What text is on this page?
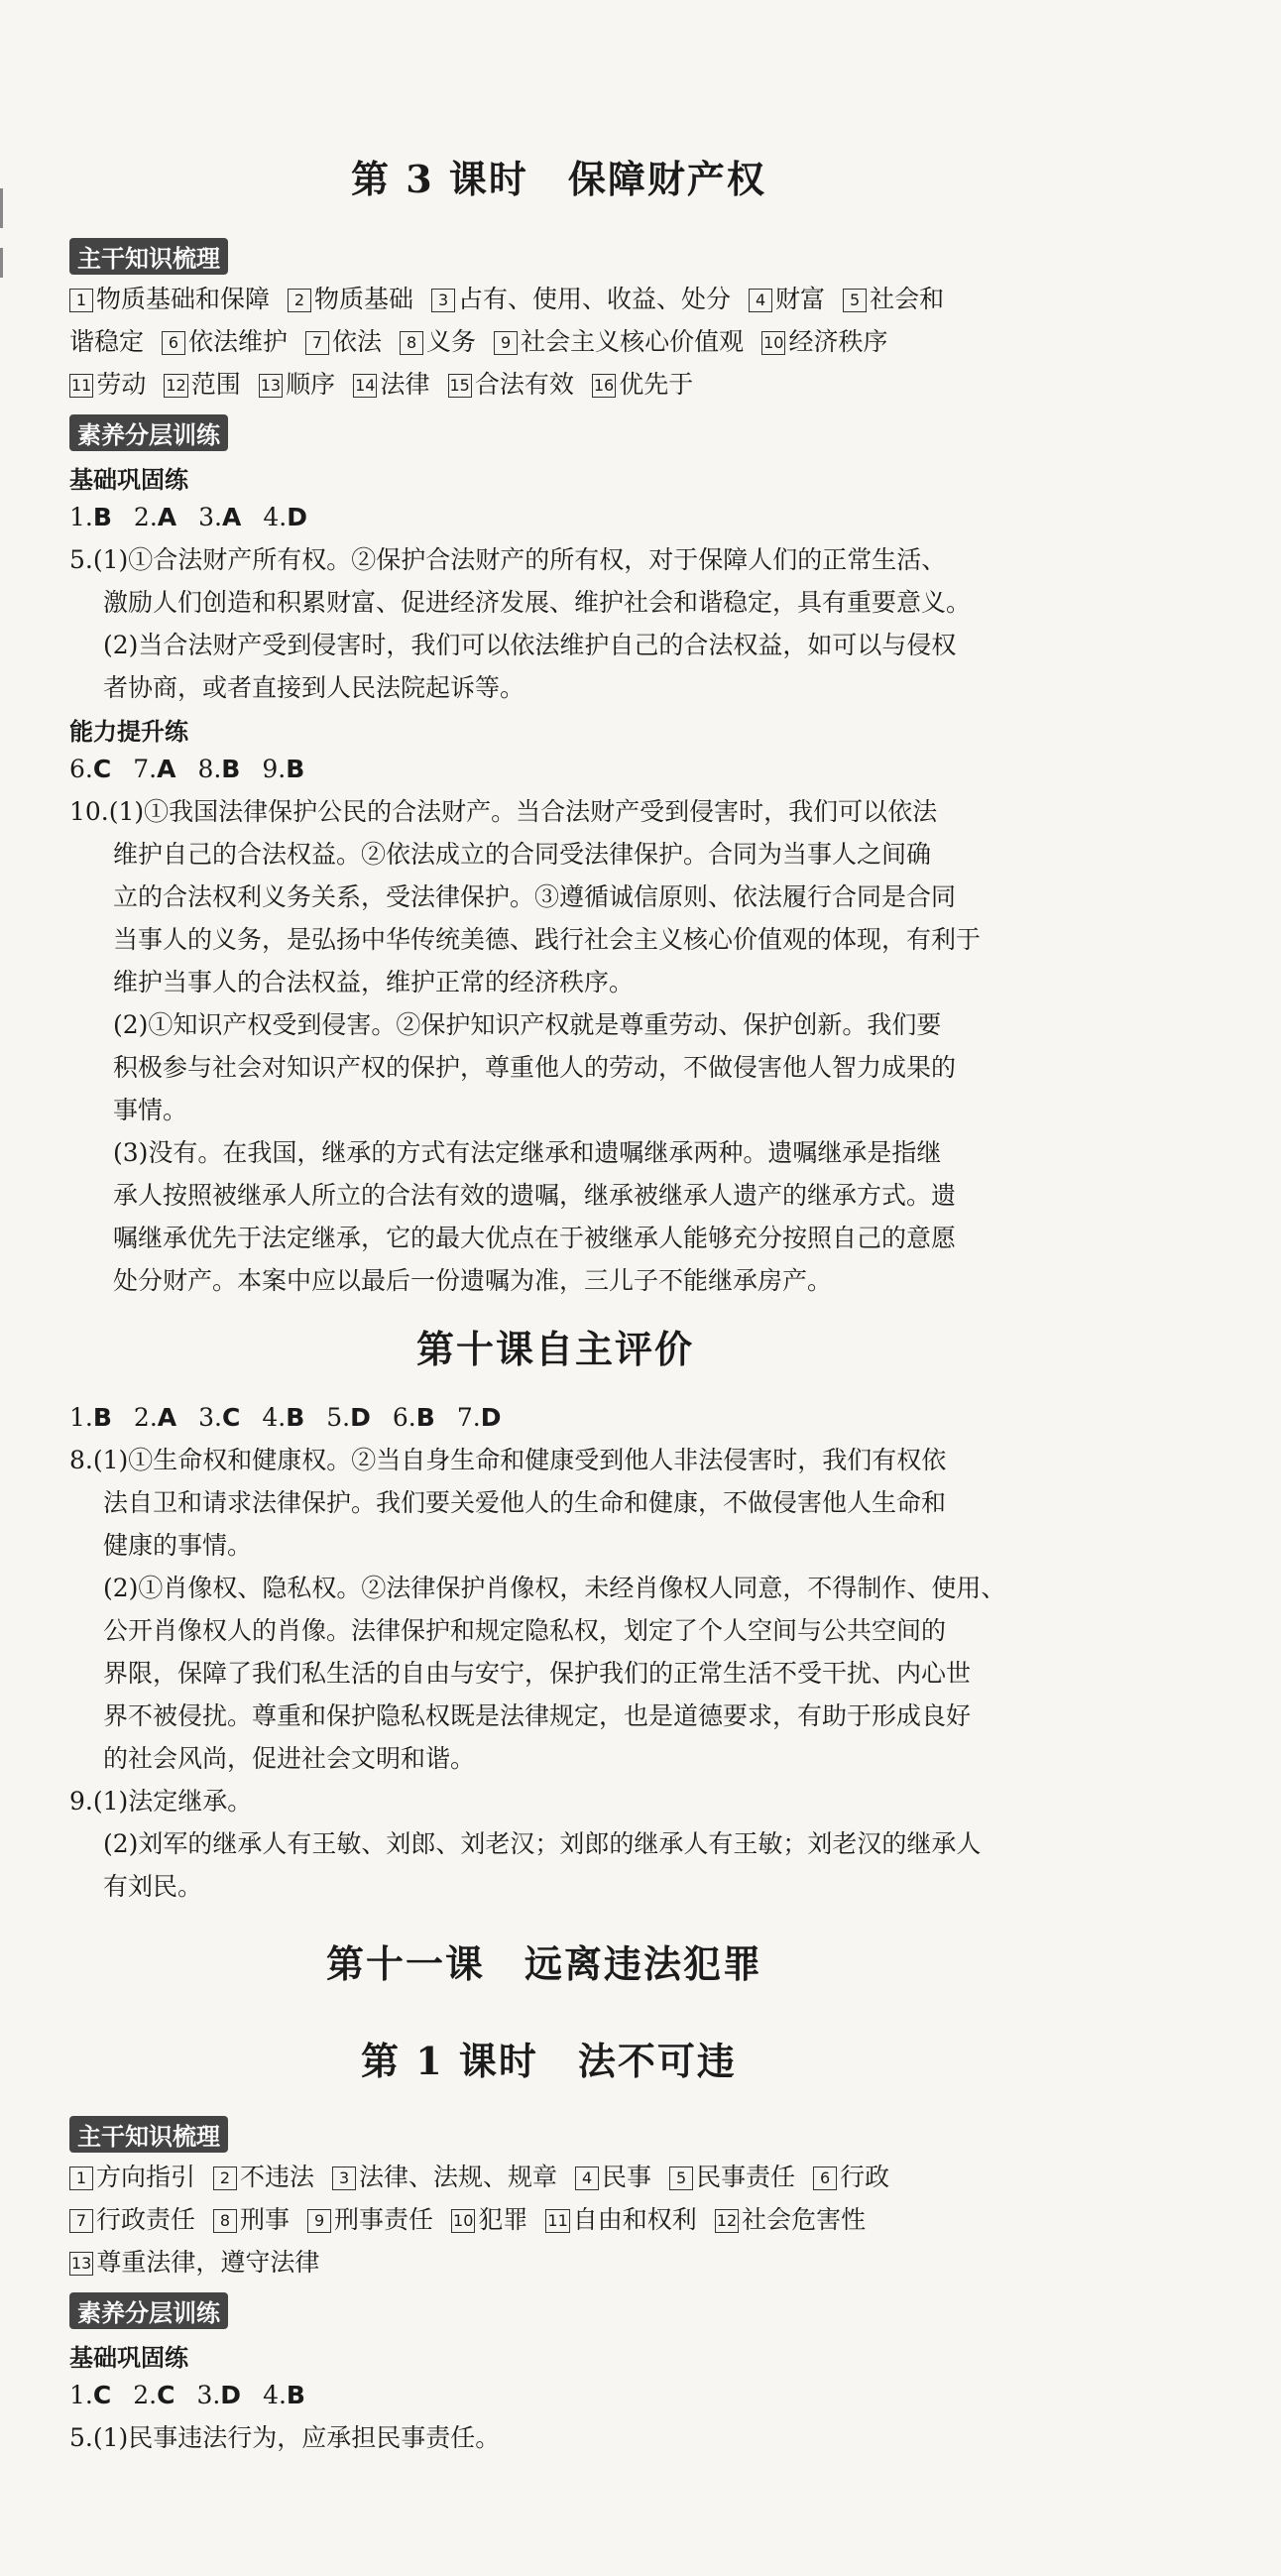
第 3 课时　保障财产权
主干知识梳理
1 物质基础和保障 2 物质基础 3 占有、使用、收益、处分 4 财富 5 社会和
谐稳定 6 依法维护 7 依法 8 义务 9 社会主义核心价值观 10 经济秩序
11 劳动 12 范围 13 顺序 14 法律 15 合法有效 16 优先于
素养分层训练
基础巩固练
1.B 2.A 3.A 4.D
5.(1)①合法财产所有权。②保护合法财产的所有权，对于保障人们的正常生活、
激励人们创造和积累财富、促进经济发展、维护社会和谐稳定，具有重要意义。
(2)当合法财产受到侵害时，我们可以依法维护自己的合法权益，如可以与侵权
者协商，或者直接到人民法院起诉等。
能力提升练
6.C 7.A 8.B 9.B
10.(1)①我国法律保护公民的合法财产。当合法财产受到侵害时，我们可以依法
维护自己的合法权益。②依法成立的合同受法律保护。合同为当事人之间确
立的合法权利义务关系，受法律保护。③遵循诚信原则、依法履行合同是合同
当事人的义务，是弘扬中华传统美德、践行社会主义核心价值观的体现，有利于
维护当事人的合法权益，维护正常的经济秩序。
(2)①知识产权受到侵害。②保护知识产权就是尊重劳动、保护创新。我们要
积极参与社会对知识产权的保护，尊重他人的劳动，不做侵害他人智力成果的
事情。
(3)没有。在我国，继承的方式有法定继承和遗嘱继承两种。遗嘱继承是指继
承人按照被继承人所立的合法有效的遗嘱，继承被继承人遗产的继承方式。遗
嘱继承优先于法定继承，它的最大优点在于被继承人能够充分按照自己的意愿
处分财产。本案中应以最后一份遗嘱为准，三儿子不能继承房产。
第十课自主评价
1.B 2.A 3.C 4.B 5.D 6.B 7.D
8.(1)①生命权和健康权。②当自身生命和健康受到他人非法侵害时，我们有权依
法自卫和请求法律保护。我们要关爱他人的生命和健康，不做侵害他人生命和
健康的事情。
(2)①肖像权、隐私权。②法律保护肖像权，未经肖像权人同意，不得制作、使用、
公开肖像权人的肖像。法律保护和规定隐私权，划定了个人空间与公共空间的
界限，保障了我们私生活的自由与安宁，保护我们的正常生活不受干扰、内心世
界不被侵扰。尊重和保护隐私权既是法律规定，也是道德要求，有助于形成良好
的社会风尚，促进社会文明和谐。
9.(1)法定继承。
(2)刘军的继承人有王敏、刘郎、刘老汉；刘郎的继承人有王敏；刘老汉的继承人
有刘民。
第十一课　远离违法犯罪
第 1 课时　法不可违
主干知识梳理
1 方向指引 2 不违法 3 法律、法规、规章 4 民事 5 民事责任 6 行政
7 行政责任 8 刑事 9 刑事责任 10 犯罪 11 自由和权利 12 社会危害性
13 尊重法律，遵守法律
素养分层训练
基础巩固练
1.C 2.C 3.D 4.B
5.(1)民事违法行为，应承担民事责任。
